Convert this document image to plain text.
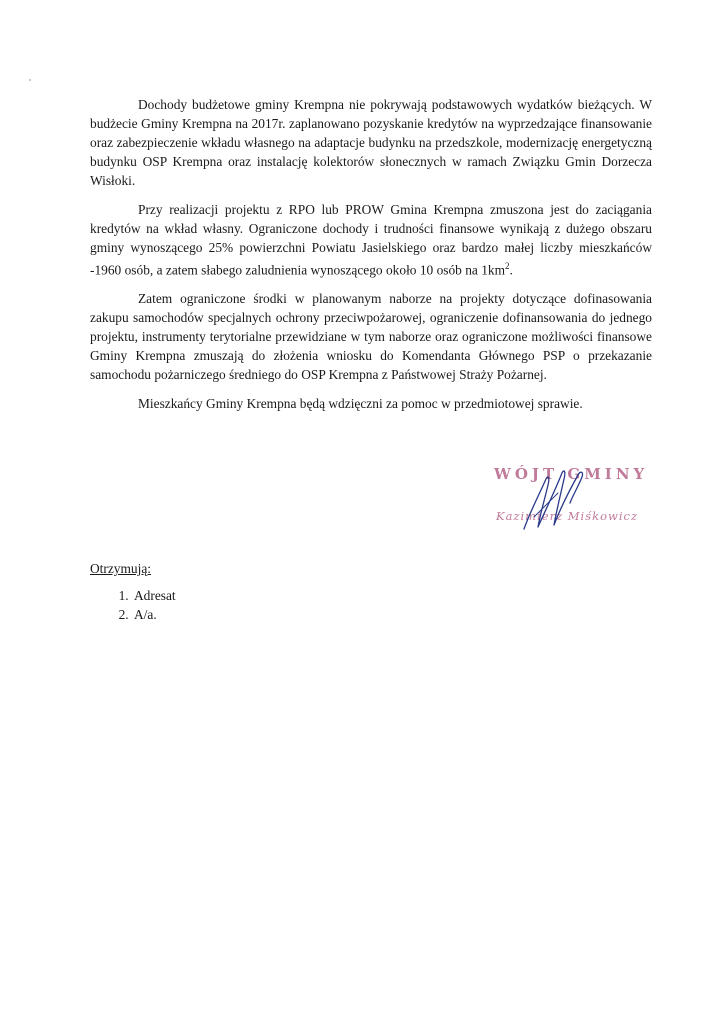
Dochody budżetowe gminy Krempna nie pokrywają podstawowych wydatków bieżących. W budżecie Gminy Krempna na 2017r. zaplanowano pozyskanie kredytów na wyprzedzające finansowanie oraz zabezpieczenie wkładu własnego na adaptacje budynku na przedszkole, modernizację energetyczną budynku OSP Krempna oraz instalację kolektorów słonecznych w ramach Związku Gmin Dorzecza Wisłoki.

Przy realizacji projektu z RPO lub PROW Gmina Krempna zmuszona jest do zaciągania kredytów na wkład własny. Ograniczone dochody i trudności finansowe wynikają z dużego obszaru gminy wynoszącego 25% powierzchni Powiatu Jasielskiego oraz bardzo małej liczby mieszkańców -1960 osób, a zatem słabego zaludnienia wynoszącego około 10 osób na $1km^2$.

Zatem ograniczone środki w planowanym naborze na projekty dotyczące dofinasowania zakupu samochodów specjalnych ochrony przeciwpożarowej, ograniczenie dofinansowania do jednego projektu, instrumenty terytorialne przewidziane w tym naborze oraz ograniczone możliwości finansowe Gminy Krempna zmuszają do złożenia wniosku do Komendanta Głównego PSP o przekazanie samochodu pożarniczego średniego do OSP Krempna z Państwowej Straży Pożarnej.

Mieszkańcy Gminy Krempna będą wdzięczni za pomoc w przedmiotowej sprawie.

WÓJT GMINY
Kazimierz Miśkowicz
Otrzymują:
1. Adresat
2. A/a.
